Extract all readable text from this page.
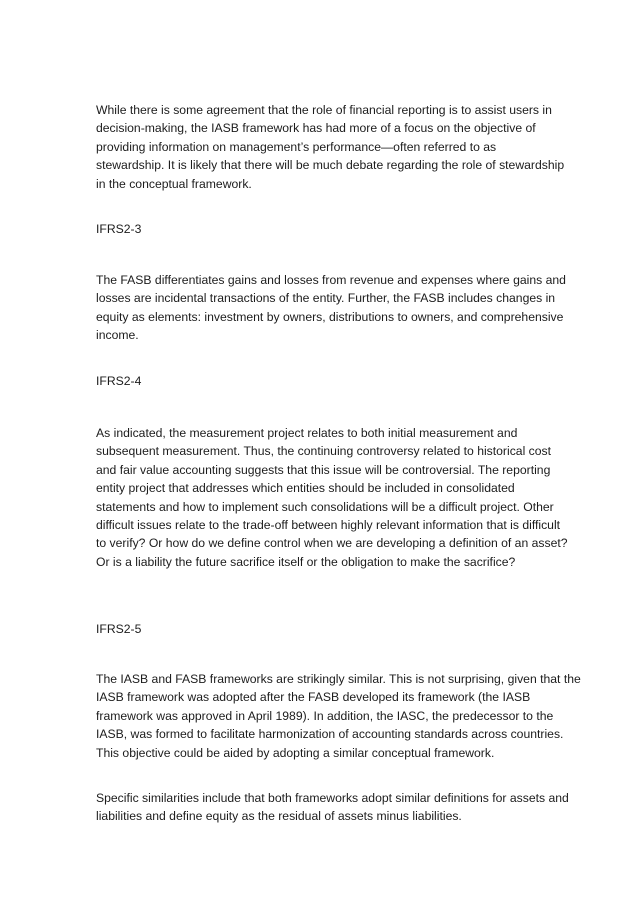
While there is some agreement that the role of financial reporting is to assist users in
decision-making, the IASB framework has had more of a focus on the objective of
providing information on management’s performance—often referred to as
stewardship. It is likely that there will be much debate regarding the role of stewardship
in the conceptual framework.

IFRS2-3

The FASB differentiates gains and losses from revenue and expenses where gains and
losses are incidental transactions of the entity. Further, the FASB includes changes in
equity as elements: investment by owners, distributions to owners, and comprehensive
income.

IFRS2-4

As indicated, the measurement project relates to both initial measurement and
subsequent measurement. Thus, the continuing controversy related to historical cost
and fair value accounting suggests that this issue will be controversial. The reporting
entity project that addresses which entities should be included in consolidated
statements and how to implement such consolidations will be a difficult project. Other
difficult issues relate to the trade-off between highly relevant information that is difficult
to verify? Or how do we define control when we are developing a definition of an asset?
Or is a liability the future sacrifice itself or the obligation to make the sacrifice?

IFRS2-5

The IASB and FASB frameworks are strikingly similar. This is not surprising, given that the
IASB framework was adopted after the FASB developed its framework (the IASB
framework was approved in April 1989). In addition, the IASC, the predecessor to the
IASB, was formed to facilitate harmonization of accounting standards across countries.
This objective could be aided by adopting a similar conceptual framework.

Specific similarities include that both frameworks adopt similar definitions for assets and
liabilities and define equity as the residual of assets minus liabilities.
